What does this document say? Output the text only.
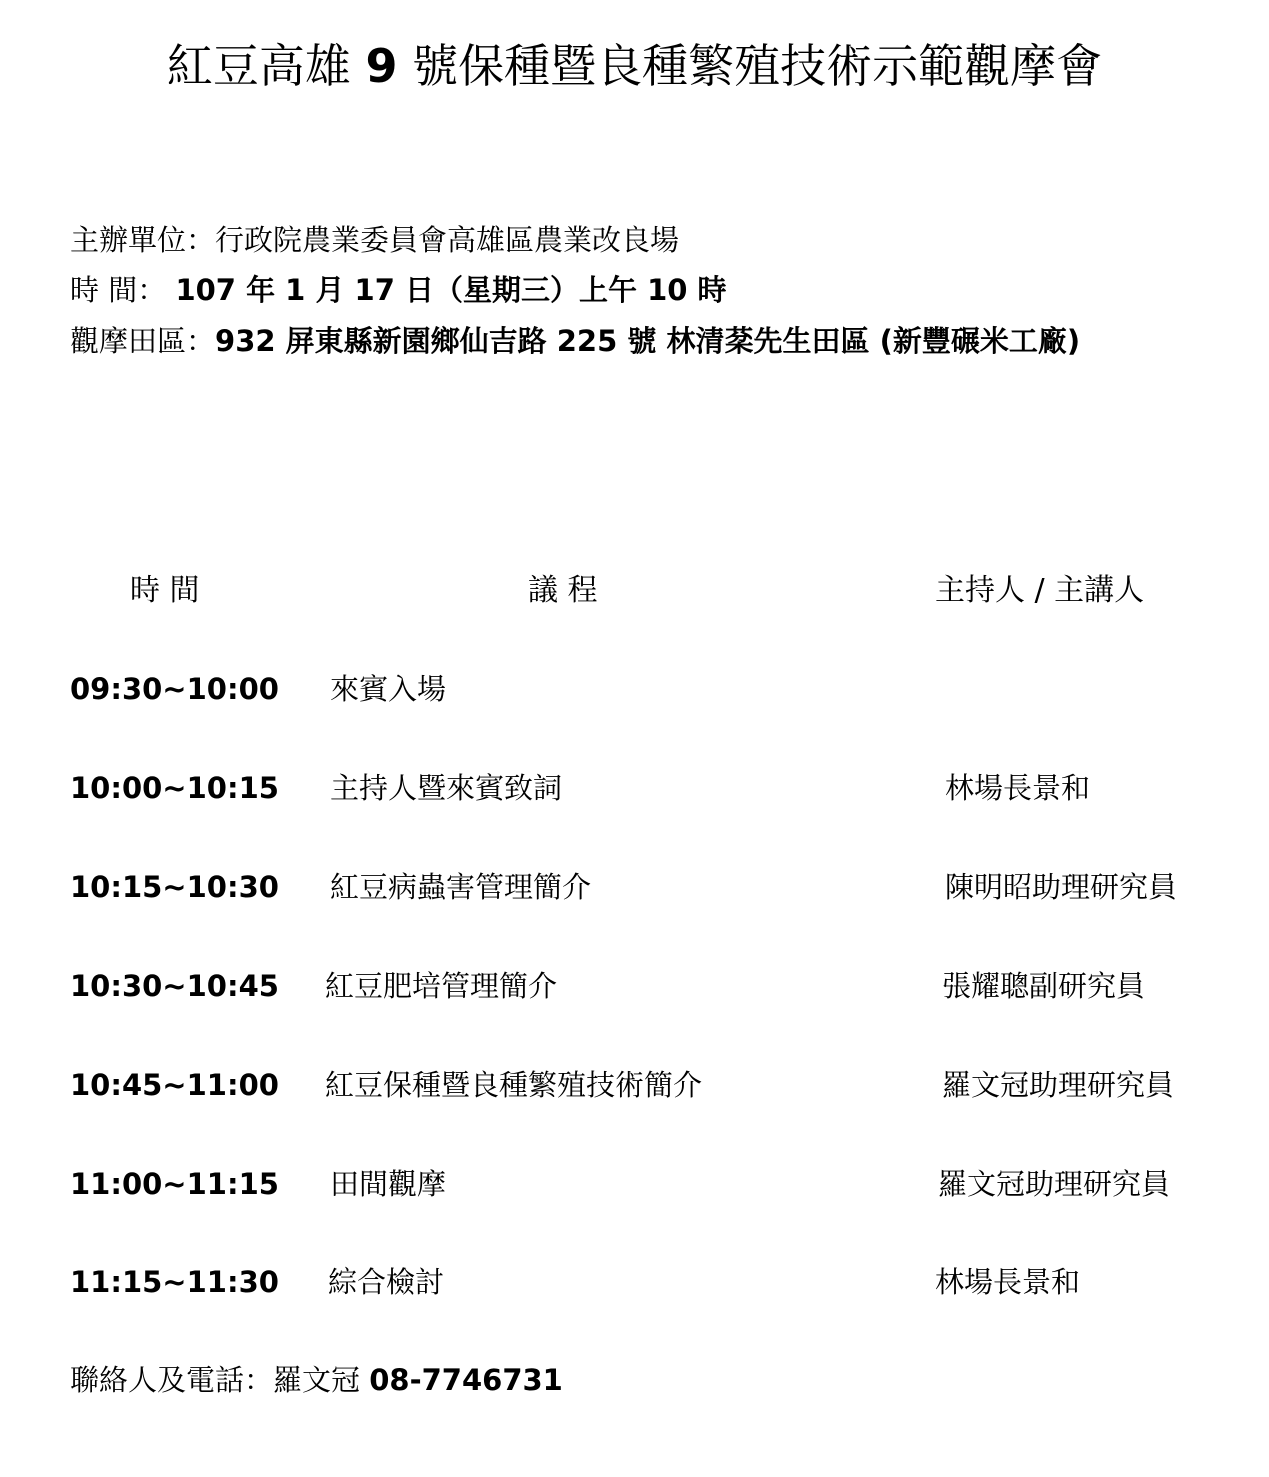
紅豆高雄 9 號保種暨良種繁殖技術示範觀摩會
主辦單位：行政院農業委員會高雄區農業改良場
時 間： 107 年 1 月 17 日（星期三）上午 10 時
觀摩田區：932 屏東縣新園鄉仙吉路 225 號 林清棻先生田區 (新豐碾米工廠)
時 間	議 程	主持人 / 主講人
09:30~10:00 來賓入場
10:00~10:15 主持人暨來賓致詞	林場長景和
10:15~10:30 紅豆病蟲害管理簡介	陳明昭助理研究員
10:30~10:45 紅豆肥培管理簡介	張耀聰副研究員
10:45~11:00 紅豆保種暨良種繁殖技術簡介	羅文冠助理研究員
11:00~11:15 田間觀摩	羅文冠助理研究員
11:15~11:30 綜合檢討	林場長景和
聯絡人及電話：羅文冠 08-7746731
